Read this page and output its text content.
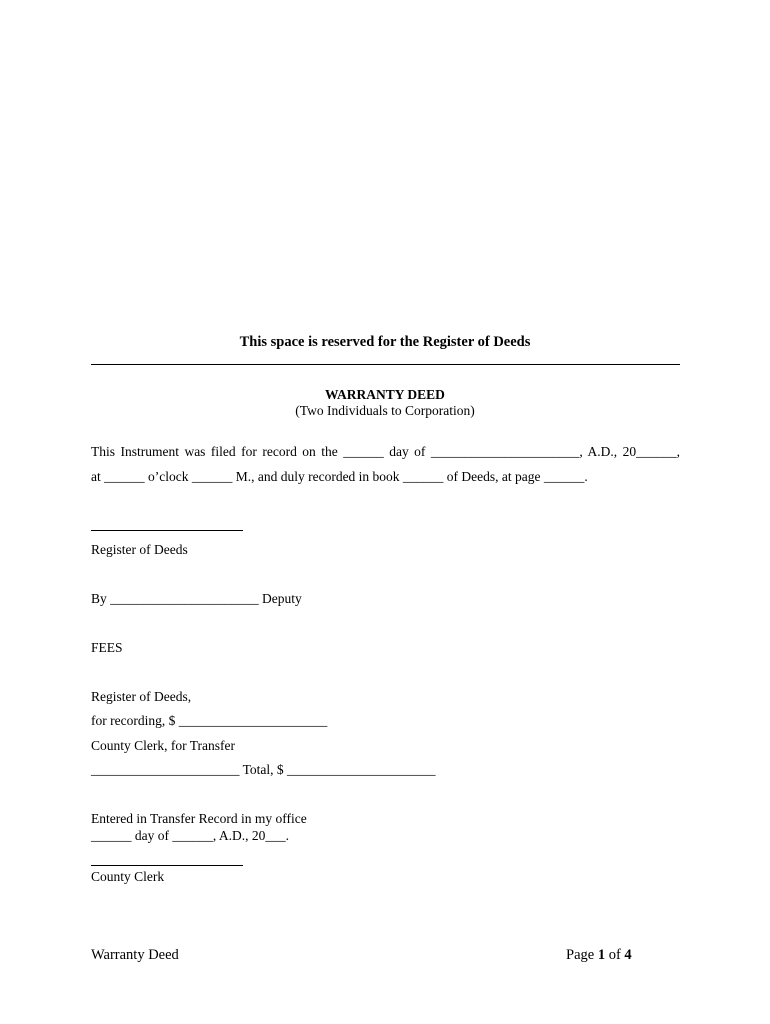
This space is reserved for the Register of Deeds
WARRANTY DEED
(Two Individuals to Corporation)
This Instrument was filed for record on the ______ day of ______________________, A.D., 20______,
at ______ o’clock ______ M., and duly recorded in book ______ of Deeds, at page ______.
Register of Deeds
By ______________________ Deputy
FEES
Register of Deeds,
for recording, $ ______________________
County Clerk, for Transfer
______________________ Total, $ ______________________
Entered in Transfer Record in my office
______ day of ______, A.D., 20___.
County Clerk
Warranty Deed	Page 1 of 4
